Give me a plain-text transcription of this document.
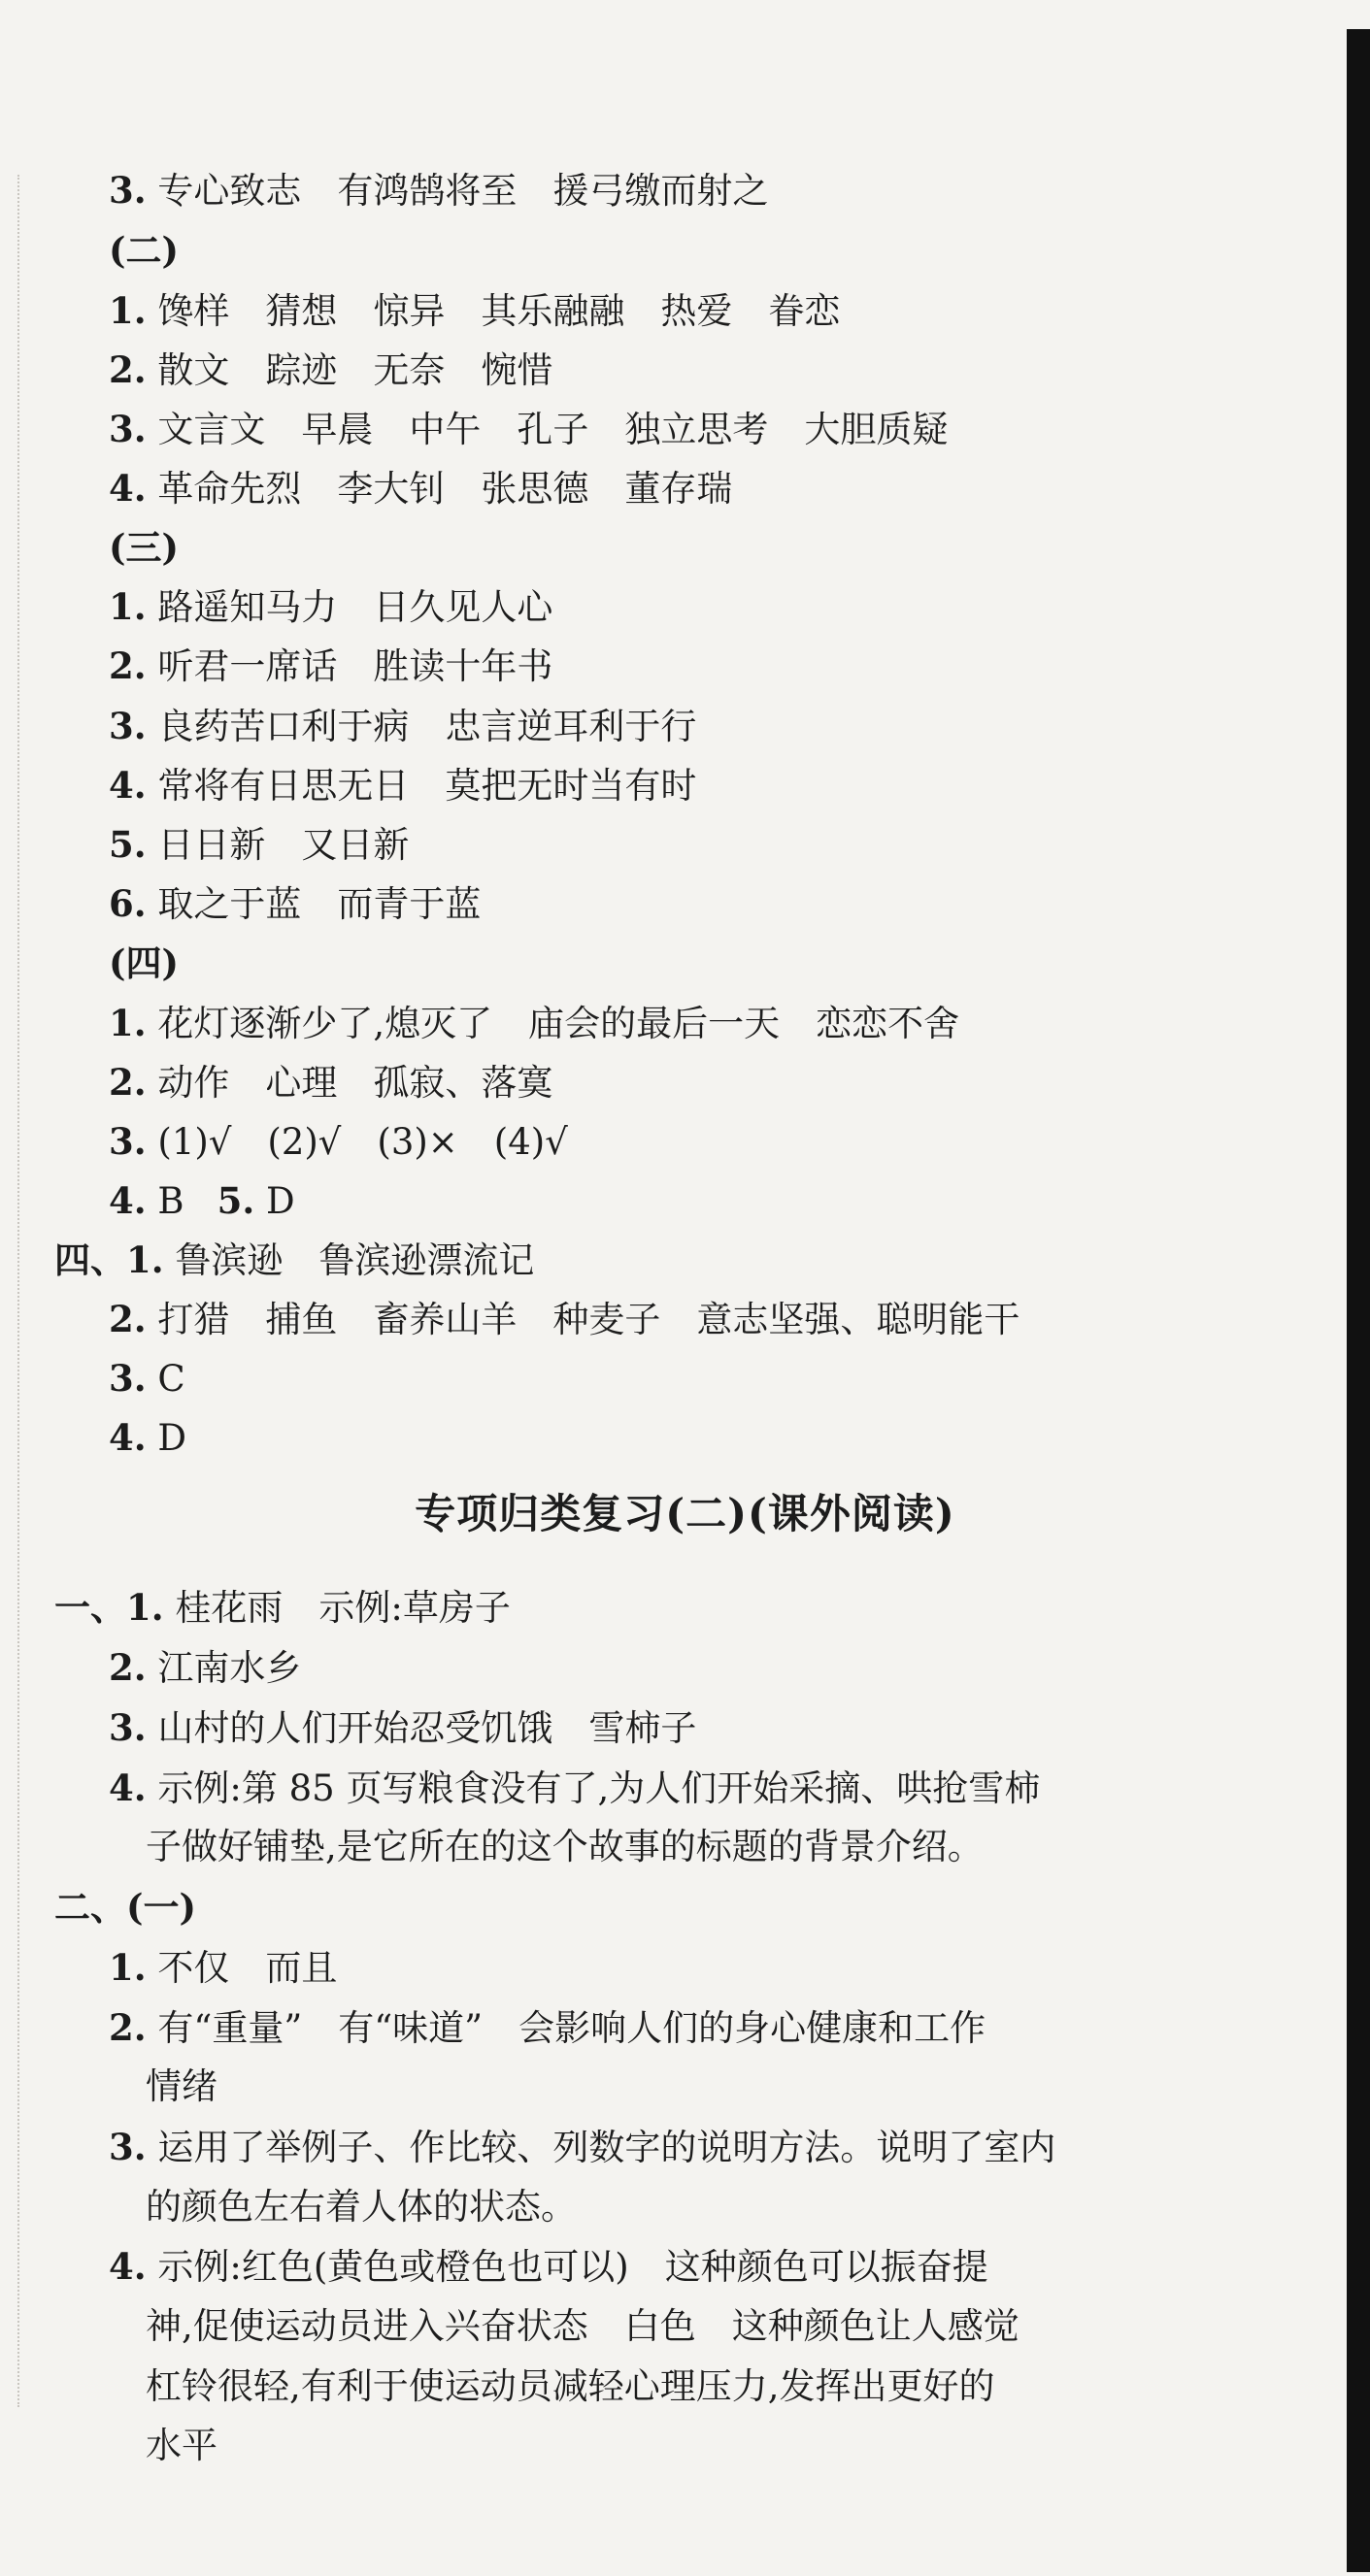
3. 专心致志　有鸿鹄将至　援弓缴而射之
(二)
1. 馋样　猜想　惊异　其乐融融　热爱　眷恋
2. 散文　踪迹　无奈　惋惜
3. 文言文　早晨　中午　孔子　独立思考　大胆质疑
4. 革命先烈　李大钊　张思德　董存瑞
(三)
1. 路遥知马力　日久见人心
2. 听君一席话　胜读十年书
3. 良药苦口利于病　忠言逆耳利于行
4. 常将有日思无日　莫把无时当有时
5. 日日新　又日新
6. 取之于蓝　而青于蓝
(四)
1. 花灯逐渐少了,熄灭了　庙会的最后一天　恋恋不舍
2. 动作　心理　孤寂、落寞
3. (1)√　(2)√　(3)×　(4)√
4. B 5. D
四、1. 鲁滨逊　鲁滨逊漂流记
2. 打猎　捕鱼　畜养山羊　种麦子　意志坚强、聪明能干
3. C
4. D
专项归类复习(二)(课外阅读)
一、1. 桂花雨　示例:草房子
2. 江南水乡
3. 山村的人们开始忍受饥饿　雪柿子
4. 示例:第 85 页写粮食没有了,为人们开始采摘、哄抢雪柿
子做好铺垫,是它所在的这个故事的标题的背景介绍。
二、(一)
1. 不仅　而且
2. 有“重量”　有“味道”　会影响人们的身心健康和工作
情绪
3. 运用了举例子、作比较、列数字的说明方法。说明了室内
的颜色左右着人体的状态。
4. 示例:红色(黄色或橙色也可以)　这种颜色可以振奋提
神,促使运动员进入兴奋状态　白色　这种颜色让人感觉
杠铃很轻,有利于使运动员减轻心理压力,发挥出更好的
水平
